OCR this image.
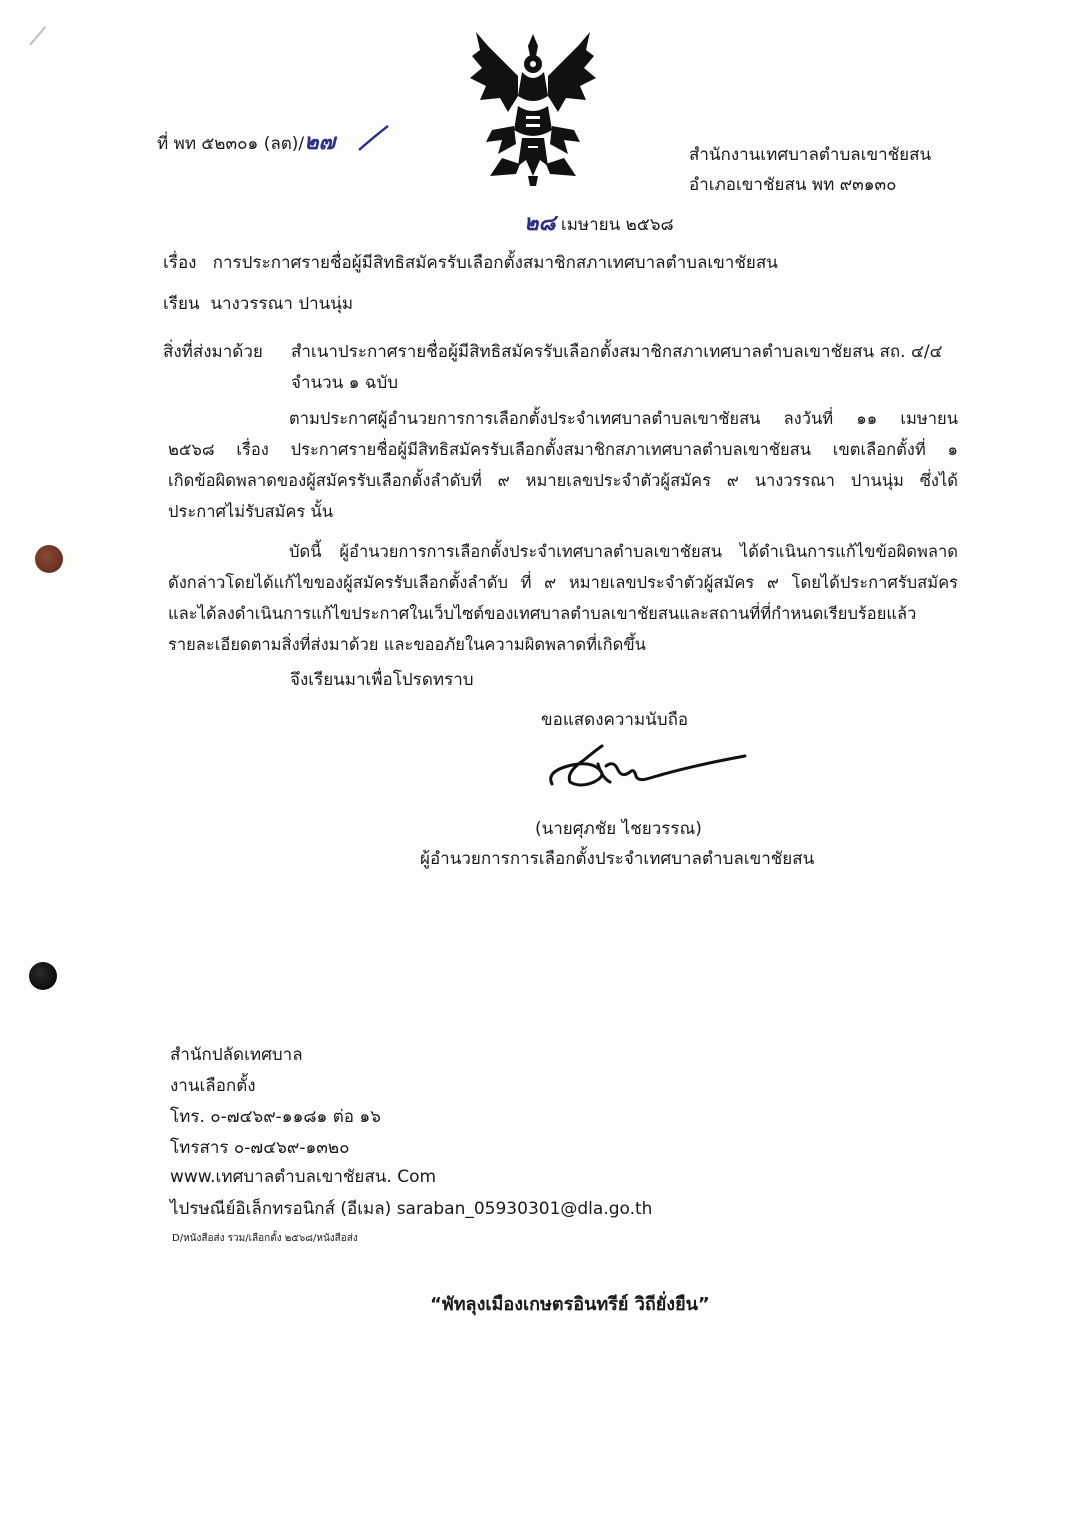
ที่ พท ๕๒๓๐๑ (ลต)/๒๗	สำนักงานเทศบาลตำบลเขาชัยสน
อำเภอเขาชัยสน พท ๙๓๑๓๐
๒๘ เมษายน ๒๕๖๘
เรื่อง การประกาศรายชื่อผู้มีสิทธิสมัครรับเลือกตั้งสมาชิกสภาเทศบาลตำบลเขาชัยสน
เรียน นางวรรณา ปานนุ่ม
สิ่งที่ส่งมาด้วย สำเนาประกาศรายชื่อผู้มีสิทธิสมัครรับเลือกตั้งสมาชิกสภาเทศบาลตำบลเขาชัยสน สถ. ๔/๔
จำนวน ๑ ฉบับ
ตามประกาศผู้อำนวยการการเลือกตั้งประจำเทศบาลตำบลเขาชัยสน ลงวันที่ ๑๑ เมษายน
๒๕๖๘ เรื่อง ประกาศรายชื่อผู้มีสิทธิสมัครรับเลือกตั้งสมาชิกสภาเทศบาลตำบลเขาชัยสน เขตเลือกตั้งที่ ๑
เกิดข้อผิดพลาดของผู้สมัครรับเลือกตั้งลำดับที่ ๙ หมายเลขประจำตัวผู้สมัคร ๙ นางวรรณา ปานนุ่ม ซึ่งได้
ประกาศไม่รับสมัคร นั้น
บัดนี้ ผู้อำนวยการการเลือกตั้งประจำเทศบาลตำบลเขาชัยสน ได้ดำเนินการแก้ไขข้อผิดพลาด
ดังกล่าวโดยได้แก้ไขของผู้สมัครรับเลือกตั้งลำดับ ที่ ๙ หมายเลขประจำตัวผู้สมัคร ๙ โดยได้ประกาศรับสมัคร
และได้ลงดำเนินการแก้ไขประกาศในเว็บไซต์ของเทศบาลตำบลเขาชัยสนและสถานที่ที่กำหนดเรียบร้อยแล้ว
รายละเอียดตามสิ่งที่ส่งมาด้วย และขออภัยในความผิดพลาดที่เกิดขึ้น
จึงเรียนมาเพื่อโปรดทราบ
ขอแสดงความนับถือ
(นายศุภชัย ไชยวรรณ)
ผู้อำนวยการการเลือกตั้งประจำเทศบาลตำบลเขาชัยสน
สำนักปลัดเทศบาล
งานเลือกตั้ง
โทร. ๐-๗๔๖๙-๑๑๘๑ ต่อ ๑๖
โทรสาร ๐-๗๔๖๙-๑๓๒๐
www.เทศบาลตำบลเขาชัยสน. Com
ไปรษณีย์อิเล็กทรอนิกส์ (อีเมล) saraban_05930301@dla.go.th
D/หนังสือส่ง รวม/เลือกตั้ง ๒๕๖๘/หนังสือส่ง
“พัทลุงเมืองเกษตรอินทรีย์ วิถียั่งยืน”
